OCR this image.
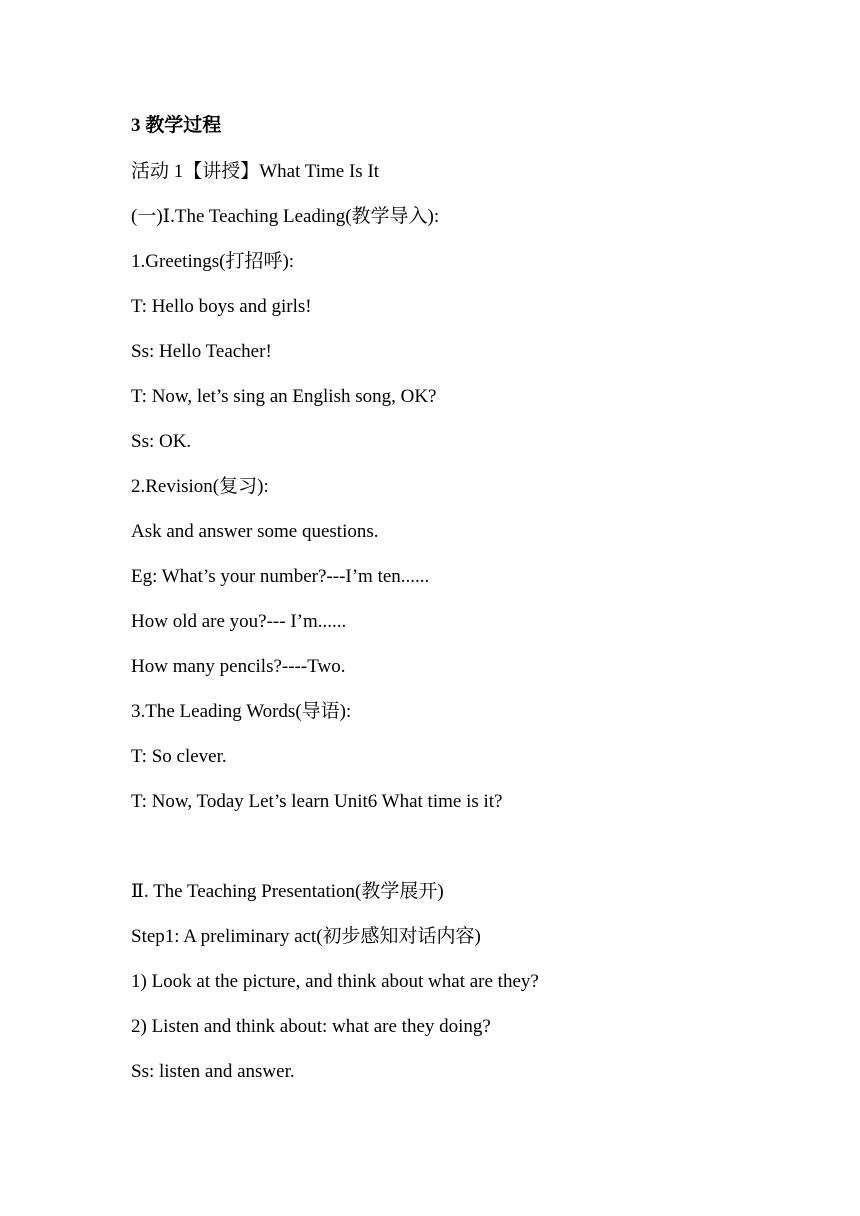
3 教学过程
活动 1【讲授】What Time Is It
(一)Ⅰ.The Teaching Leading(教学导入):
1.Greetings(打招呼):
T: Hello boys and girls!
Ss: Hello Teacher!
T: Now, let’s sing an English song, OK?
Ss: OK.
2.Revision(复习):
Ask and answer some questions.
Eg: What’s your number?---I’m ten......
How old are you?--- I’m......
How many pencils?----Two.
3.The Leading Words(导语):
T: So clever.
T: Now, Today Let’s learn Unit6 What time is it?
Ⅱ. The Teaching Presentation(教学展开)
Step1: A preliminary act(初步感知对话内容)
1) Look at the picture, and think about what are they?
2) Listen and think about: what are they doing?
Ss: listen and answer.
